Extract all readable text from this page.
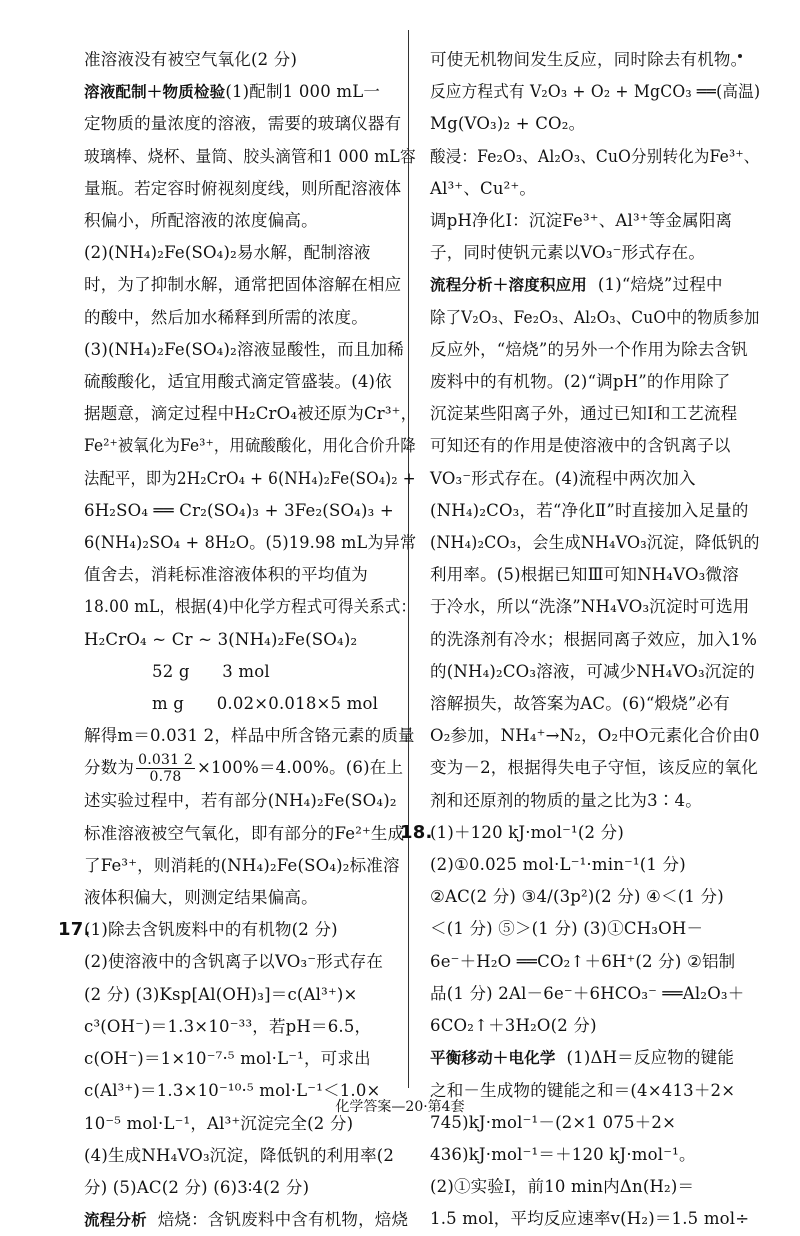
准溶液没有被空气氧化(2 分)
溶液配制＋物质检验(1)配制1 000 mL一
定物质的量浓度的溶液，需要的玻璃仪器有
玻璃棒、烧杯、量筒、胶头滴管和1 000 mL容
量瓶。若定容时俯视刻度线，则所配溶液体
积偏小，所配溶液的浓度偏高。
(2)(NH₄)₂Fe(SO₄)₂易水解，配制溶液
时，为了抑制水解，通常把固体溶解在相应
的酸中，然后加水稀释到所需的浓度。
(3)(NH₄)₂Fe(SO₄)₂溶液显酸性，而且加稀
硫酸酸化，适宜用酸式滴定管盛装。(4)依
据题意，滴定过程中H₂CrO₄被还原为Cr³⁺，
Fe²⁺被氧化为Fe³⁺，用硫酸酸化，用化合价升降
法配平，即为2H₂CrO₄ + 6(NH₄)₂Fe(SO₄)₂ +
6H₂SO₄ ══ Cr₂(SO₄)₃ + 3Fe₂(SO₄)₃ +
6(NH₄)₂SO₄ + 8H₂O。(5)19.98 mL为异常
值舍去，消耗标准溶液体积的平均值为
18.00 mL，根据(4)中化学方程式可得关系式：
H₂CrO₄ ~ Cr ~ 3(NH₄)₂Fe(SO₄)₂
52 g      3 mol
m g      0.02×0.018×5 mol
解得m＝0.031 2，样品中所含铬元素的质量
分数为 $\frac{0.031 2}{0.78} \times 100\%=4.00\%$。(6)在上
述实验过程中，若有部分(NH₄)₂Fe(SO₄)₂
标准溶液被空气氧化，即有部分的Fe²⁺生成
了Fe³⁺，则消耗的(NH₄)₂Fe(SO₄)₂标准溶
液体积偏大，则测定结果偏高。
17.
(1)除去含钒废料中的有机物(2 分)
(2)使溶液中的含钒离子以VO₃⁻形式存在
(2 分) (3)Ksp[Al(OH)₃]＝c(Al³⁺)×
c³(OH⁻)＝1.3×10⁻³³，若pH＝6.5，
c(OH⁻)＝1×10⁻⁷·⁵ mol·L⁻¹，可求出
c(Al³⁺)＝1.3×10⁻¹⁰·⁵ mol·L⁻¹＜1.0×
10⁻⁵ mol·L⁻¹，Al³⁺沉淀完全(2 分)
(4)生成NH₄VO₃沉淀，降低钒的利用率(2
分) (5)AC(2 分) (6)3∶4(2 分)
流程分析  焙烧：含钒废料中含有机物，焙烧
可使无机物间发生反应，同时除去有机物。
反应方程式有 V₂O₃ + O₂ + MgCO₃ ══(高温)
Mg(VO₃)₂ + CO₂。
酸浸：Fe₂O₃、Al₂O₃、CuO分别转化为Fe³⁺、
Al³⁺、Cu²⁺。
调pH净化Ⅰ：沉淀Fe³⁺、Al³⁺等金属阳离
子，同时使钒元素以VO₃⁻形式存在。
流程分析＋溶度积应用  (1)“焙烧”过程中
除了V₂O₃、Fe₂O₃、Al₂O₃、CuO中的物质参加
反应外，“焙烧”的另外一个作用为除去含钒
废料中的有机物。(2)“调pH”的作用除了
沉淀某些阳离子外，通过已知Ⅰ和工艺流程
可知还有的作用是使溶液中的含钒离子以
VO₃⁻形式存在。(4)流程中两次加入
(NH₄)₂CO₃，若“净化Ⅱ”时直接加入足量的
(NH₄)₂CO₃，会生成NH₄VO₃沉淀，降低钒的
利用率。(5)根据已知Ⅲ可知NH₄VO₃微溶
于冷水，所以“洗涤”NH₄VO₃沉淀时可选用
的洗涤剂有冷水；根据同离子效应，加入1%
的(NH₄)₂CO₃溶液，可减少NH₄VO₃沉淀的
溶解损失，故答案为AC。(6)“煅烧”必有
O₂参加，NH₄⁺→N₂，O₂中O元素化合价由0
变为－2，根据得失电子守恒，该反应的氧化
剂和还原剂的物质的量之比为3∶4。
18.
(1)＋120 kJ·mol⁻¹(2 分)
(2)①0.025 mol·L⁻¹·min⁻¹(1 分)
②AC(2 分) ③4/(3p²)(2 分) ④＜(1 分)
＜(1 分) ⑤＞(1 分) (3)①CH₃OH－
6e⁻＋H₂O ══CO₂↑＋6H⁺(2 分) ②铝制
品(1 分) 2Al－6e⁻＋6HCO₃⁻ ══Al₂O₃＋
6CO₂↑＋3H₂O(2 分)
平衡移动＋电化学  (1)ΔH＝反应物的键能
之和－生成物的键能之和＝(4×413＋2×
745)kJ·mol⁻¹－(2×1 075＋2×
436)kJ·mol⁻¹＝＋120 kJ·mol⁻¹。
(2)①实验Ⅰ，前10 min内Δn(H₂)＝
1.5 mol，平均反应速率v(H₂)＝1.5 mol÷
化学答案—20·第4套
